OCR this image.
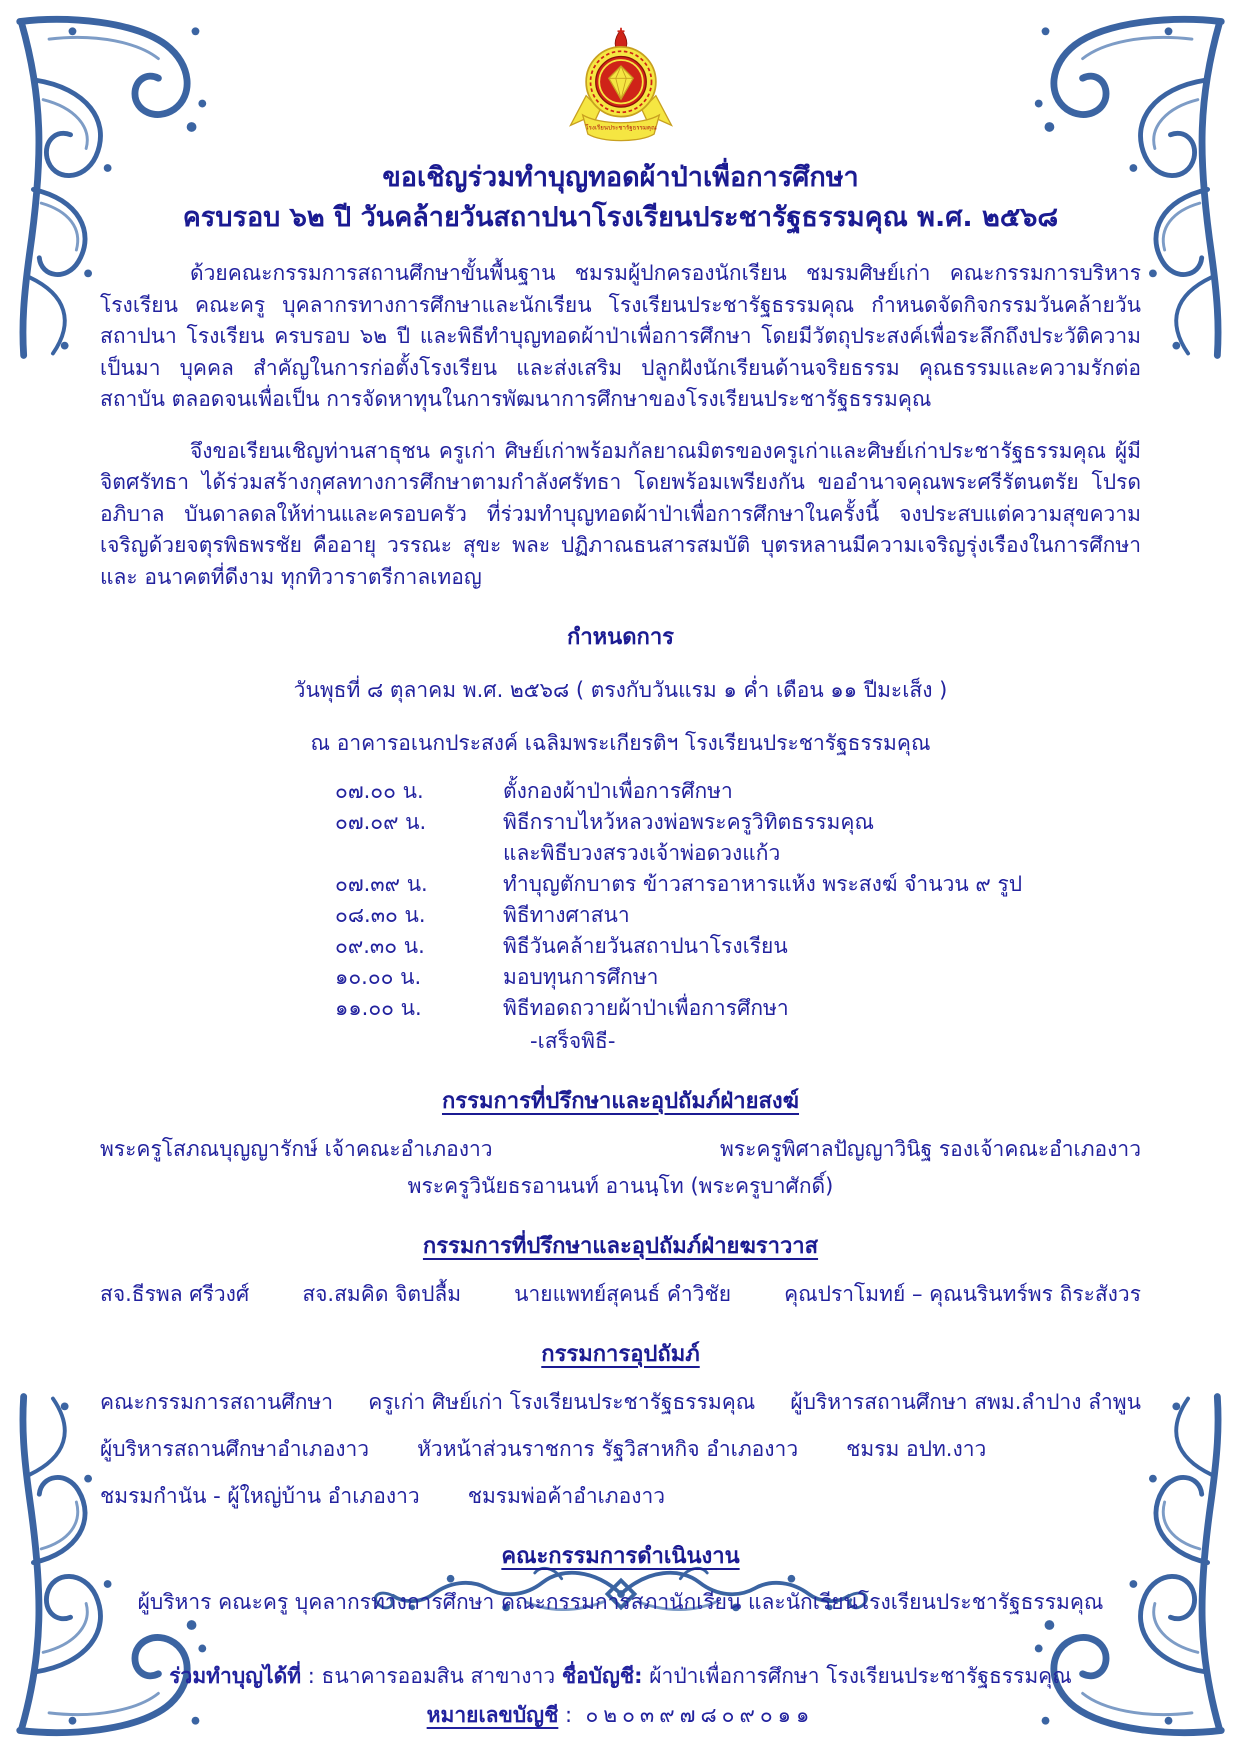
โรงเรียนประชารัฐธรรมคุณ
ขอเชิญร่วมทำบุญทอดผ้าป่าเพื่อการศึกษา
ครบรอบ ๖๒ ปี วันคล้ายวันสถาปนาโรงเรียนประชารัฐธรรมคุณ พ.ศ. ๒๕๖๘

ด้วยคณะกรรมการสถานศึกษาขั้นพื้นฐาน ชมรมผู้ปกครองนักเรียน ชมรมศิษย์เก่า คณะกรรมการบริหาร โรงเรียน คณะครู บุคลากรทางการศึกษาและนักเรียน โรงเรียนประชารัฐธรรมคุณ กำหนดจัดกิจกรรมวันคล้ายวันสถาปนา โรงเรียน ครบรอบ ๖๒ ปี และพิธีทำบุญทอดผ้าป่าเพื่อการศึกษา โดยมีวัตถุประสงค์เพื่อระลึกถึงประวัติความเป็นมา บุคคล สำคัญในการก่อตั้งโรงเรียน และส่งเสริม ปลูกฝังนักเรียนด้านจริยธรรม คุณธรรมและความรักต่อสถาบัน ตลอดจนเพื่อเป็น การจัดหาทุนในการพัฒนาการศึกษาของโรงเรียนประชารัฐธรรมคุณ

จึงขอเรียนเชิญท่านสาธุชน ครูเก่า ศิษย์เก่าพร้อมกัลยาณมิตรของครูเก่าและศิษย์เก่าประชารัฐธรรมคุณ ผู้มีจิตศรัทธา ได้ร่วมสร้างกุศลทางการศึกษาตามกำลังศรัทธา โดยพร้อมเพรียงกัน ขออำนาจคุณพระศรีรัตนตรัย โปรดอภิบาล บันดาลดลให้ท่านและครอบครัว ที่ร่วมทำบุญทอดผ้าป่าเพื่อการศึกษาในครั้งนี้ จงประสบแต่ความสุขความ เจริญด้วยจตุรพิธพรชัย คืออายุ วรรณะ สุขะ พละ ปฏิภาณธนสารสมบัติ บุตรหลานมีความเจริญรุ่งเรืองในการศึกษาและ อนาคตที่ดีงาม ทุกทิวาราตรีกาลเทอญ

กำหนดการ
วันพุธที่ ๘ ตุลาคม พ.ศ. ๒๕๖๘ ( ตรงกับวันแรม ๑ ค่ำ เดือน ๑๑ ปีมะเส็ง )
ณ อาคารอเนกประสงค์ เฉลิมพระเกียรติฯ โรงเรียนประชารัฐธรรมคุณ
๐๗.๐๐ น.	ตั้งกองผ้าป่าเพื่อการศึกษา
๐๗.๐๙ น.	พิธีกราบไหว้หลวงพ่อพระครูวิทิตธรรมคุณ
และพิธีบวงสรวงเจ้าพ่อดวงแก้ว
๐๗.๓๙ น.	ทำบุญตักบาตร ข้าวสารอาหารแห้ง พระสงฆ์ จำนวน ๙ รูป
๐๘.๓๐ น.	พิธีทางศาสนา
๐๙.๓๐ น.	พิธีวันคล้ายวันสถาปนาโรงเรียน
๑๐.๐๐ น.	มอบทุนการศึกษา
๑๑.๐๐ น.	พิธีทอดถวายผ้าป่าเพื่อการศึกษา
-เสร็จพิธี-
กรรมการที่ปรึกษาและอุปถัมภ์ฝ่ายสงฆ์
พระครูโสภณบุญญารักษ์ เจ้าคณะอำเภองาว	พระครูพิศาลปัญญาวินิฐ รองเจ้าคณะอำเภองาว
พระครูวินัยธรอานนท์ อานนฺโท (พระครูบาศักดิ์)
กรรมการที่ปรึกษาและอุปถัมภ์ฝ่ายฆราวาส
สจ.ธีรพล ศรีวงศ์	สจ.สมคิด จิตปลื้ม	นายแพทย์สุคนธ์ คำวิชัย	คุณปราโมทย์ – คุณนรินทร์พร ถิระสังวร
กรรมการอุปถัมภ์
คณะกรรมการสถานศึกษา ครูเก่า ศิษย์เก่า โรงเรียนประชารัฐธรรมคุณ ผู้บริหารสถานศึกษา สพม.ลำปาง ลำพูน
ผู้บริหารสถานศึกษาอำเภองาว หัวหน้าส่วนราชการ รัฐวิสาหกิจ อำเภองาว ชมรม อปท.งาว
ชมรมกำนัน - ผู้ใหญ่บ้าน อำเภองาว ชมรมพ่อค้าอำเภองาว
คณะกรรมการดำเนินงาน
ผู้บริหาร คณะครู บุคลากรทางการศึกษา คณะกรรมการสภานักเรียน และนักเรียนโรงเรียนประชารัฐธรรมคุณ
ร่วมทำบุญได้ที่ : ธนาคารออมสิน สาขางาว ชื่อบัญชี: ผ้าป่าเพื่อการศึกษา โรงเรียนประชารัฐธรรมคุณ
หมายเลขบัญชี :  ๐๒๐๓๙๗๘๐๙๐๑๑
